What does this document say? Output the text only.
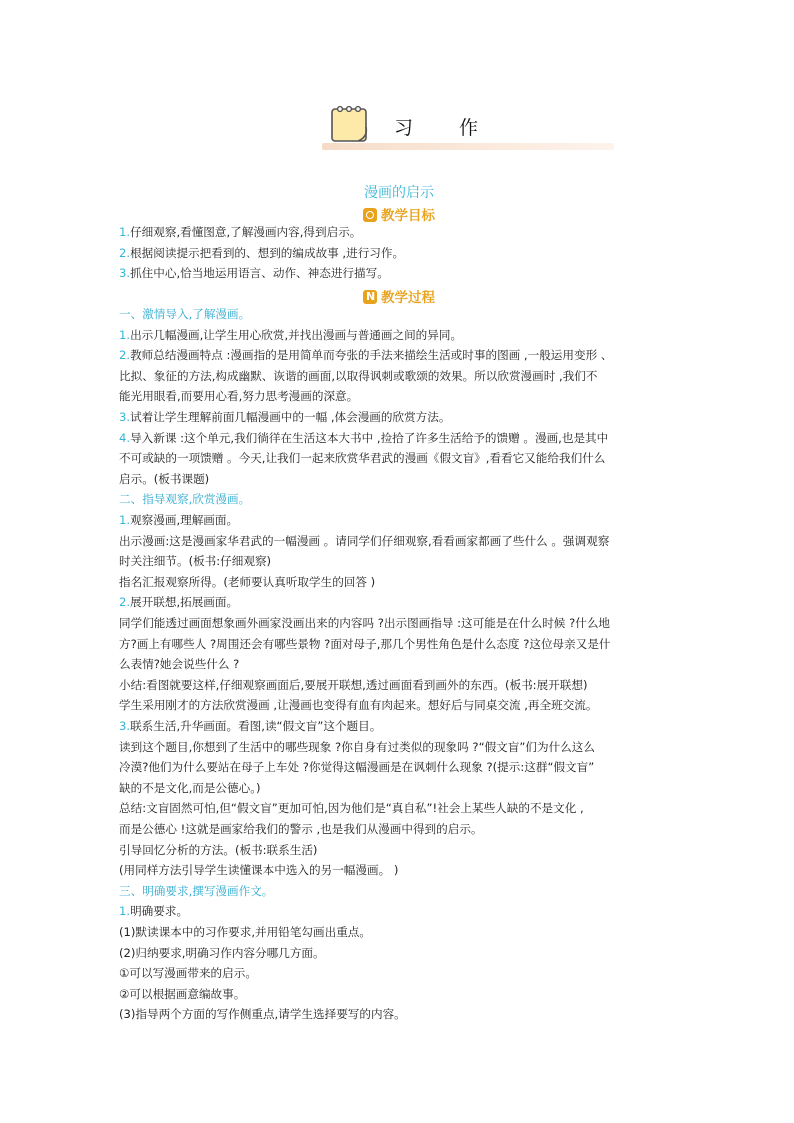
习 作
漫画的启示
教学目标
1.仔细观察,看懂图意,了解漫画内容,得到启示。
2.根据阅读提示把看到的、想到的编成故事 ,进行习作。
3.抓住中心,恰当地运用语言、动作、神态进行描写。
N教学过程
一、激情导入,了解漫画。
1.出示几幅漫画,让学生用心欣赏,并找出漫画与普通画之间的异同。
2.教师总结漫画特点 :漫画指的是用简单而夸张的手法来描绘生活或时事的图画 ,一般运用变形 、
比拟、象征的方法,构成幽默、诙谐的画面,以取得讽刺或歌颂的效果。所以欣赏漫画时 ,我们不
能光用眼看,而要用心看,努力思考漫画的深意。
3.试着让学生理解前面几幅漫画中的一幅 ,体会漫画的欣赏方法。
4.导入新课 :这个单元,我们徜徉在生活这本大书中 ,捡拾了许多生活给予的馈赠 。漫画,也是其中
不可或缺的一项馈赠 。今天,让我们一起来欣赏华君武的漫画《假文盲》,看看它又能给我们什么
启示。(板书课题)
二、指导观察,欣赏漫画。
1.观察漫画,理解画面。
出示漫画:这是漫画家华君武的一幅漫画 。请同学们仔细观察,看看画家都画了些什么 。强调观察
时关注细节。(板书:仔细观察)
指名汇报观察所得。(老师要认真听取学生的回答 )
2.展开联想,拓展画面。
同学们能透过画面想象画外画家没画出来的内容吗 ?出示图画指导 :这可能是在什么时候 ?什么地
方?画上有哪些人 ?周围还会有哪些景物 ?面对母子,那几个男性角色是什么态度 ?这位母亲又是什
么表情?她会说些什么 ?
小结:看图就要这样,仔细观察画面后,要展开联想,透过画面看到画外的东西。(板书:展开联想)
学生采用刚才的方法欣赏漫画 ,让漫画也变得有血有肉起来。想好后与同桌交流 ,再全班交流。
3.联系生活,升华画面。看图,读“假文盲”这个题目。
读到这个题目,你想到了生活中的哪些现象 ?你自身有过类似的现象吗 ?“假文盲”们为什么这么
冷漠?他们为什么要站在母子上车处 ?你觉得这幅漫画是在讽刺什么现象 ?(提示:这群“假文盲”
缺的不是文化,而是公德心。)
总结:文盲固然可怕,但“假文盲”更加可怕,因为他们是“真自私”!社会上某些人缺的不是文化 ,
而是公德心 !这就是画家给我们的警示 ,也是我们从漫画中得到的启示。
引导回忆分析的方法。(板书:联系生活)
(用同样方法引导学生读懂课本中选入的另一幅漫画。 )
三、明确要求,撰写漫画作文。
1.明确要求。
(1)默读课本中的习作要求,并用铅笔勾画出重点。
(2)归纳要求,明确习作内容分哪几方面。
①可以写漫画带来的启示。
②可以根据画意编故事。
(3)指导两个方面的写作侧重点,请学生选择要写的内容。
